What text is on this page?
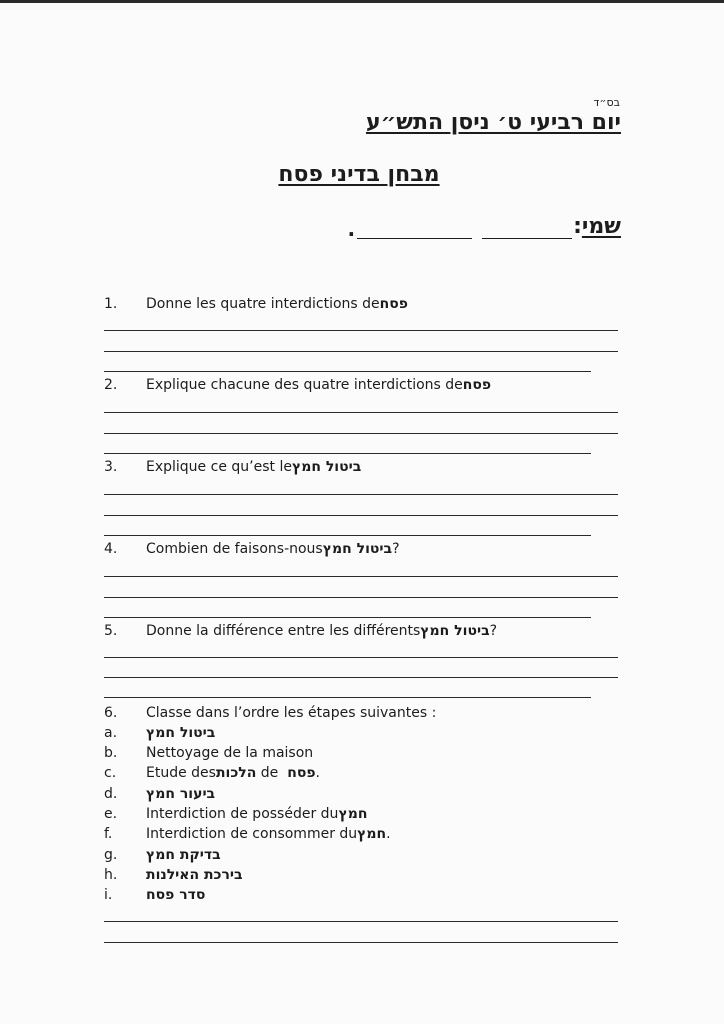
בס״ד
יום רביעי ט׳ ניסן התש״ע
מבחן בדיני פסח
שמי
:
.
1.	Donne les quatre interdictions de פסח
2.	Explique chacune des quatre interdictions de פסח
3.	Explique ce qu’est le ביטול חמץ
4.	Combien de faisons-nous ביטול חמץ ?
5.	Donne la différence entre les différents ביטול חמץ ?
6.	Classe dans l’ordre les étapes suivantes :
a.	ביטול חמץ
b.	Nettoyage de la maison
c.	Etude des הלכות de פסח .
d.	ביעור חמץ
e.	Interdiction de posséder du חמץ
f.	Interdiction de consommer du חמץ .
g.	בדיקת חמץ
h.	בירכת האילנות
i.	סדר פסח
